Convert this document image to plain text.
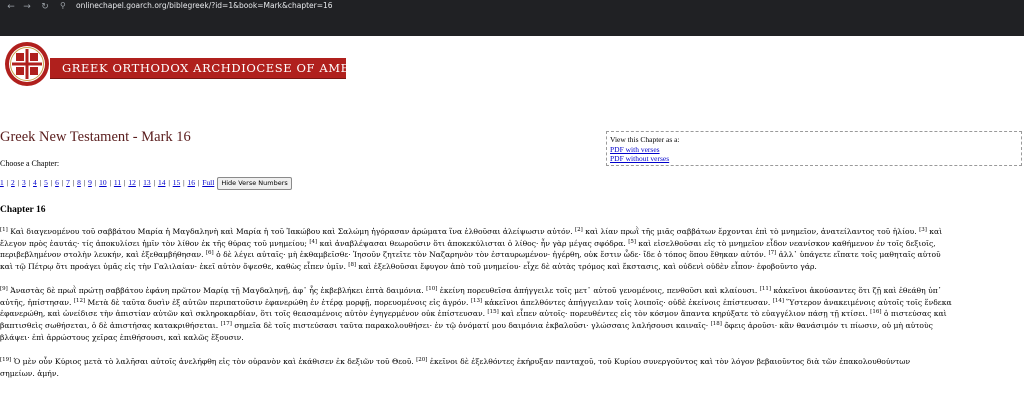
← →	↻	⚲	onlinechapel.goarch.org/biblegreek/?id=1&book=Mark&chapter=16
GREEK ORTHODOX ARCHDIOCESE OF AMERICA
Greek New Testament - Mark 16
Choose a Chapter:
1 | 2 | 3 | 4 | 5 | 6 | 7 | 8 | 9 | 10 | 11 | 12 | 13 | 14 | 15 | 16 | Full Hide Verse Numbers
View this Chapter as a:
PDF with verses
PDF without verses
Chapter 16
[1] Καὶ διαγενομένου τοῦ σαββάτου Μαρία ἡ Μαγδαληνὴ καὶ Μαρία ἡ τοῦ Ἰακώβου καὶ Σαλώμη ἠγόρασαν ἀρώματα ἵνα ἐλθοῦσαι ἀλείψωσιν αὐτόν. [2] καὶ λίαν πρωῒ τῆς μιᾶς σαββάτων ἔρχονται ἐπὶ τὸ μνημεῖον, ἀνατείλαντος τοῦ ἡλίου. [3] καὶ
ἔλεγον πρὸς ἑαυτάς· τίς ἀποκυλίσει ἡμῖν τὸν λίθον ἐκ τῆς θύρας τοῦ μνημείου; [4] καὶ ἀναβλέψασαι θεωροῦσιν ὅτι ἀποκεκύλισται ὁ λίθος· ἦν γὰρ μέγας σφόδρα. [5] καὶ εἰσελθοῦσαι εἰς τὸ μνημεῖον εἶδον νεανίσκον καθήμενον ἐν τοῖς δεξιοῖς,
περιβεβλημένον στολὴν λευκήν, καὶ ἐξεθαμβήθησαν. [6] ὁ δὲ λέγει αὐταῖς· μὴ ἐκθαμβεῖσθε· Ἰησοῦν ζητεῖτε τὸν Ναζαρηνὸν τὸν ἐσταυρωμένον· ἠγέρθη, οὐκ ἔστιν ὧδε· ἴδε ὁ τόπος ὅπου ἔθηκαν αὐτόν. [7] ἀλλ᾽ ὑπάγετε εἴπατε τοῖς μαθηταῖς αὐτοῦ
καὶ τῷ Πέτρῳ ὅτι προάγει ὑμᾶς εἰς τὴν Γαλιλαίαν· ἐκεῖ αὐτὸν ὄψεσθε, καθὼς εἶπεν ὑμῖν. [8] καὶ ἐξελθοῦσαι ἔφυγον ἀπὸ τοῦ μνημείου· εἶχε δὲ αὐτὰς τρόμος καὶ ἔκστασις, καὶ οὐδενὶ οὐδὲν εἶπον· ἐφοβοῦντο γάρ.
[9] Ἀναστὰς δὲ πρωῒ πρώτῃ σαββάτου ἐφάνη πρῶτον Μαρίᾳ τῇ Μαγδαληνῇ, ἀφ᾽ ἧς ἐκβεβλήκει ἑπτὰ δαιμόνια. [10] ἐκείνη πορευθεῖσα ἀπήγγειλε τοῖς μετ᾽ αὐτοῦ γενομένοις, πενθοῦσι καὶ κλαίουσι. [11] κἀκεῖνοι ἀκούσαντες ὅτι ζῇ καὶ ἐθεάθη ὑπ᾽
αὐτῆς, ἠπίστησαν. [12] Μετὰ δὲ ταῦτα δυσὶν ἐξ αὐτῶν περιπατοῦσιν ἐφανερώθη ἐν ἑτέρᾳ μορφῇ, πορευομένοις εἰς ἀγρόν. [13] κἀκεῖνοι ἀπελθόντες ἀπήγγειλαν τοῖς λοιποῖς· οὐδὲ ἐκείνοις ἐπίστευσαν. [14] Ὕστερον ἀνακειμένοις αὐτοῖς τοῖς ἕνδεκα
ἐφανερώθη, καὶ ὠνείδισε τὴν ἀπιστίαν αὐτῶν καὶ σκληροκαρδίαν, ὅτι τοῖς θεασαμένοις αὐτὸν ἐγηγερμένον οὐκ ἐπίστευσαν. [15] καὶ εἶπεν αὐτοῖς· πορευθέντες εἰς τὸν κόσμον ἅπαντα κηρύξατε τὸ εὐαγγέλιον πάσῃ τῇ κτίσει. [16] ὁ πιστεύσας καὶ
βαπτισθεὶς σωθήσεται, ὁ δὲ ἀπιστήσας κατακριθήσεται. [17] σημεῖα δὲ τοῖς πιστεύσασι ταῦτα παρακολουθήσει· ἐν τῷ ὀνόματί μου δαιμόνια ἐκβαλοῦσι· γλώσσαις λαλήσουσι καιναῖς· [18] ὄφεις ἀροῦσι· κἂν θανάσιμόν τι πίωσιν, οὐ μὴ αὐτοὺς
βλάψει· ἐπὶ ἀρρώστους χεῖρας ἐπιθήσουσι, καὶ καλῶς ἕξουσιν.
[19] Ὁ μὲν οὖν Κύριος μετὰ τὸ λαλῆσαι αὐτοῖς ἀνελήφθη εἰς τὸν οὐρανὸν καὶ ἐκάθισεν ἐκ δεξιῶν τοῦ Θεοῦ. [20] ἐκεῖνοι δὲ ἐξελθόντες ἐκήρυξαν πανταχοῦ, τοῦ Κυρίου συνεργοῦντος καὶ τὸν λόγον βεβαιοῦντος διὰ τῶν ἐπακολουθούντων
σημείων. ἀμήν.
